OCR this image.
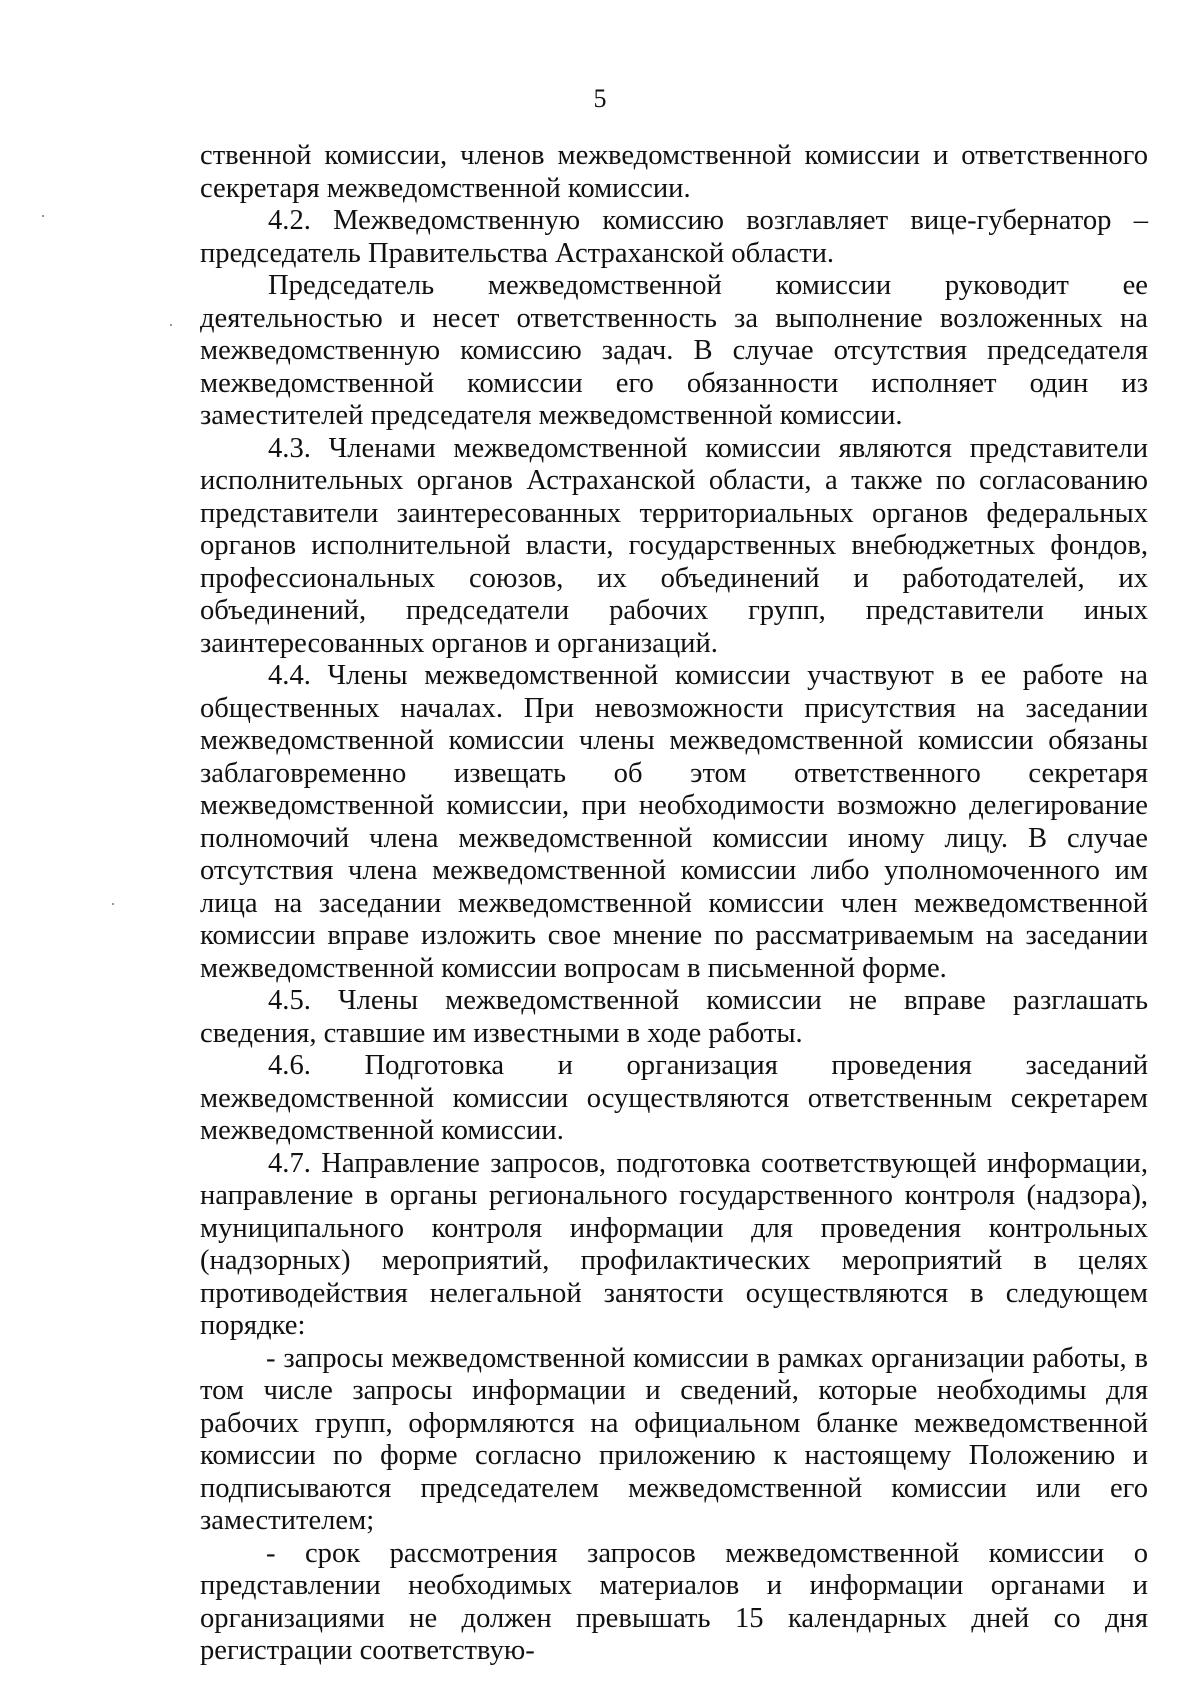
5

ственной комиссии, членов межведомственной комиссии и ответственного секретаря межведомственной комиссии.

4.2. Межведомственную комиссию возглавляет вице-губернатор – председатель Правительства Астраханской области.

Председатель межведомственной комиссии руководит ее деятельностью и несет ответственность за выполнение возложенных на межведомственную комиссию задач. В случае отсутствия председателя межведомственной комиссии его обязанности исполняет один из заместителей председателя межведомственной комиссии.

4.3. Членами межведомственной комиссии являются представители исполнительных органов Астраханской области, а также по согласованию представители заинтересованных территориальных органов федеральных органов исполнительной власти, государственных внебюджетных фондов, профессиональных союзов, их объединений и работодателей, их объединений, председатели рабочих групп, представители иных заинтересованных органов и организаций.

4.4. Члены межведомственной комиссии участвуют в ее работе на общественных началах. При невозможности присутствия на заседании межведомственной комиссии члены межведомственной комиссии обязаны заблаговременно извещать об этом ответственного секретаря межведомственной комиссии, при необходимости возможно делегирование полномочий члена межведомственной комиссии иному лицу. В случае отсутствия члена межведомственной комиссии либо уполномоченного им лица на заседании межведомственной комиссии член межведомственной комиссии вправе изложить свое мнение по рассматриваемым на заседании межведомственной комиссии вопросам в письменной форме.

4.5. Члены межведомственной комиссии не вправе разглашать сведения, ставшие им известными в ходе работы.

4.6. Подготовка и организация проведения заседаний межведомственной комиссии осуществляются ответственным секретарем межведомственной комиссии.

4.7. Направление запросов, подготовка соответствующей информации, направление в органы регионального государственного контроля (надзора), муниципального контроля информации для проведения контрольных (надзорных) мероприятий, профилактических мероприятий в целях противодействия нелегальной занятости осуществляются в следующем порядке:

- запросы межведомственной комиссии в рамках организации работы, в том числе запросы информации и сведений, которые необходимы для рабочих групп, оформляются на официальном бланке межведомственной комиссии по форме согласно приложению к настоящему Положению и подписываются председателем межведомственной комиссии или его заместителем;

- срок рассмотрения запросов межведомственной комиссии о представлении необходимых материалов и информации органами и организациями не должен превышать 15 календарных дней со дня регистрации соответствую-
